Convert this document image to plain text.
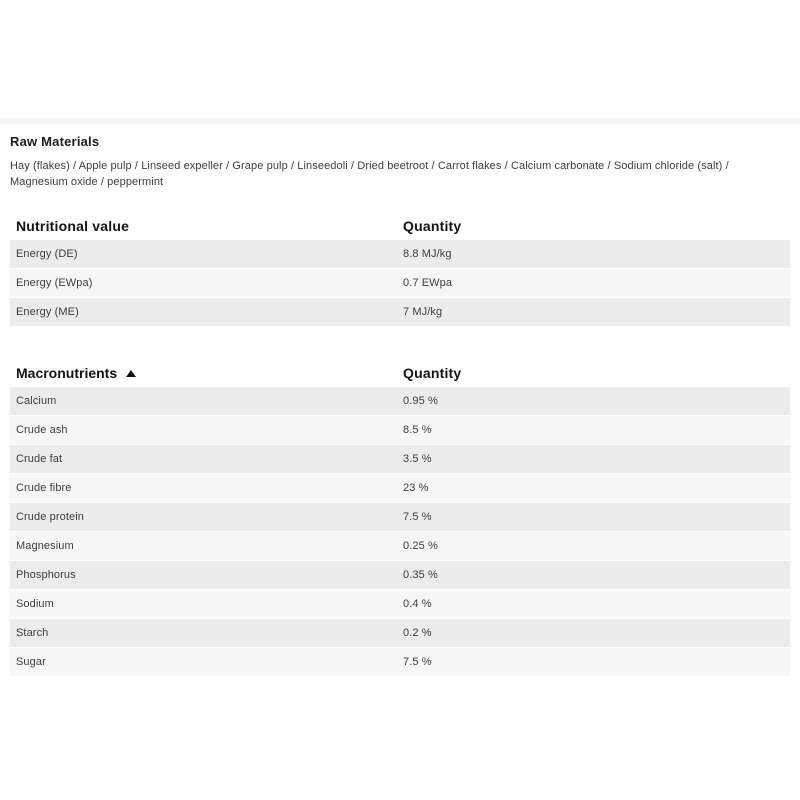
Raw Materials

Hay (flakes) / Apple pulp / Linseed expeller / Grape pulp / Linseedoli / Dried beetroot / Carrot flakes / Calcium carbonate / Sodium chloride (salt) / Magnesium oxide / peppermint

Nutritional value	Quantity
Energy (DE)	8.8 MJ/kg
Energy (EWpa)	0.7 EWpa
Energy (ME)	7 MJ/kg
Macronutrients	Quantity
Calcium	0.95 %
Crude ash	8.5 %
Crude fat	3.5 %
Crude fibre	23 %
Crude protein	7.5 %
Magnesium	0.25 %
Phosphorus	0.35 %
Sodium	0.4 %
Starch	0.2 %
Sugar	7.5 %
